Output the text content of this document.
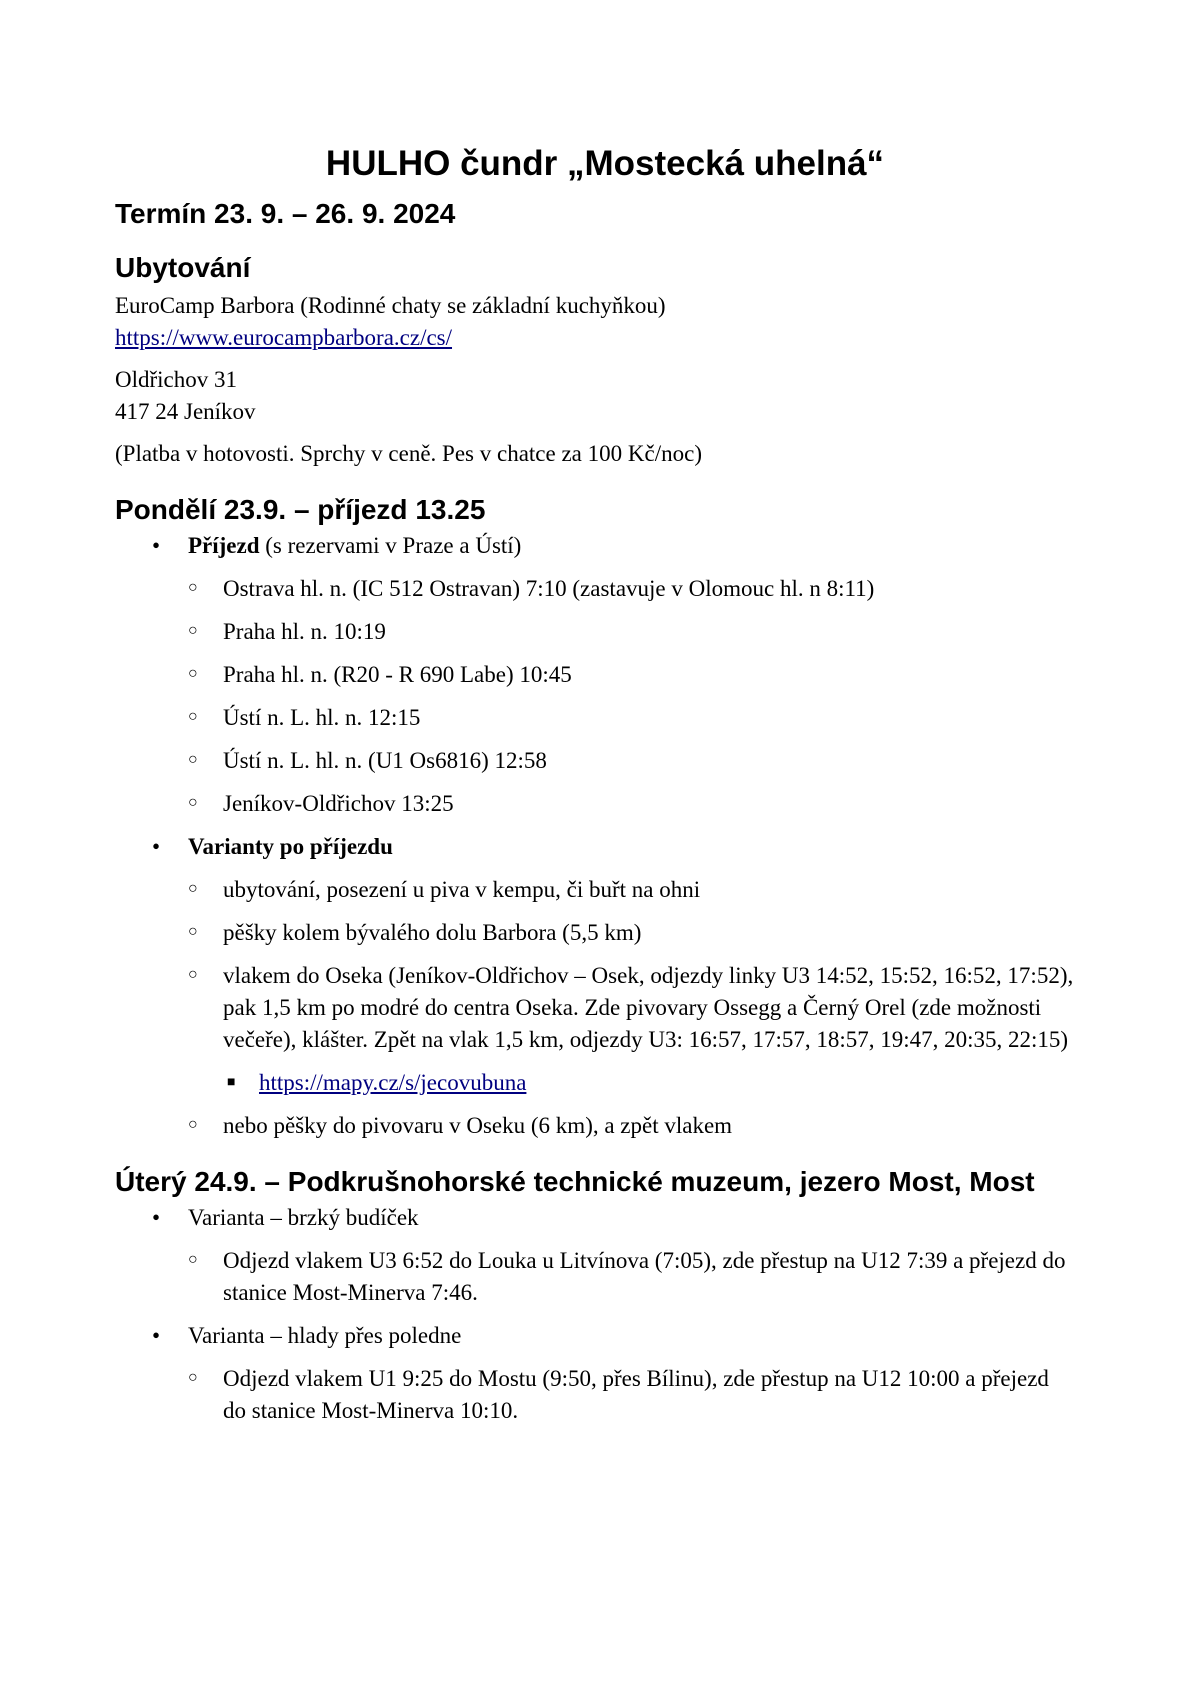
HULHO čundr „Mostecká uhelná“
Termín 23. 9. – 26. 9. 2024
Ubytování

EuroCamp Barbora (Rodinné chaty se základní kuchyňkou)

https://www.eurocampbarbora.cz/cs/

Oldřichov 31

417 24 Jeníkov

(Platba v hotovosti. Sprchy v ceně. Pes v chatce za 100 Kč/noc)

Pondělí 23.9. – příjezd 13.25
• Příjezd (s rezervami v Praze a Ústí)
○ Ostrava hl. n. (IC 512 Ostravan) 7:10 (zastavuje v Olomouc hl. n 8:11)
○ Praha hl. n. 10:19
○ Praha hl. n. (R20 - R 690 Labe) 10:45
○ Ústí n. L. hl. n. 12:15
○ Ústí n. L. hl. n. (U1 Os6816) 12:58
○ Jeníkov-Oldřichov 13:25
• Varianty po příjezdu
○ ubytování, posezení u piva v kempu, či buřt na ohni
○ pěšky kolem bývalého dolu Barbora (5,5 km)
○ vlakem do Oseka (Jeníkov-Oldřichov – Osek, odjezdy linky U3 14:52, 15:52, 16:52, 17:52), pak 1,5 km po modré do centra Oseka. Zde pivovary Ossegg a Černý Orel (zde možnosti večeře), klášter. Zpět na vlak 1,5 km, odjezdy U3: 16:57, 17:57, 18:57, 19:47, 20:35, 22:15)
■ https://mapy.cz/s/jecovubuna
○ nebo pěšky do pivovaru v Oseku (6 km), a zpět vlakem
Úterý 24.9. – Podkrušnohorské technické muzeum, jezero Most, Most
• Varianta – brzký budíček
○ Odjezd vlakem U3 6:52 do Louka u Litvínova (7:05), zde přestup na U12 7:39 a přejezd do stanice Most-Minerva 7:46.
• Varianta – hlady přes poledne
○ Odjezd vlakem U1 9:25 do Mostu (9:50, přes Bílinu), zde přestup na U12 10:00 a přejezd do stanice Most-Minerva 10:10.
